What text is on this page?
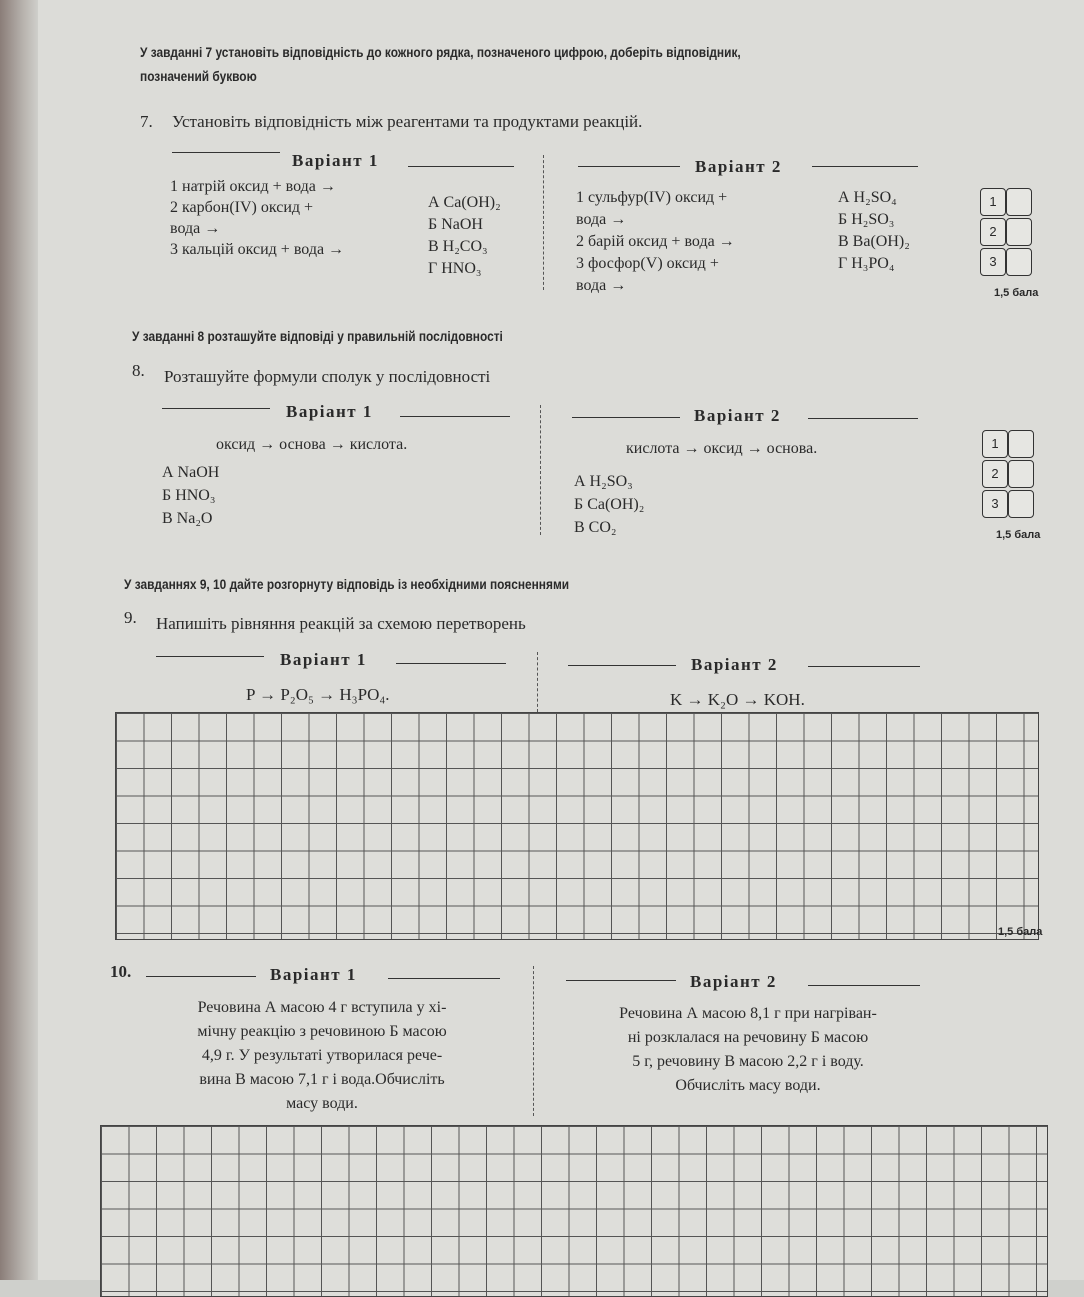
У завданні 7 установіть відповідність до кожного рядка, позначеного цифрою, доберіть відповідник,
позначений буквою
7. Установіть відповідність між реагентами та продуктами реакцій.
Варіант 1	Варіант 2
1 натрій оксид + вода →
2 карбон(IV) оксид +
вода →
3 кальцій оксид + вода →
А Ca(OH)₂
Б NaOH
В H₂CO₃
Г HNO₃
1 сульфур(IV) оксид +
вода →
2 барій оксид + вода →
3 фосфор(V) оксид +
вода →
А H₂SO₄
Б H₂SO₃
В Ba(OH)₂
Г H₃PO₄
1
2
3
1,5 бала
У завданні 8 розташуйте відповіді у правильній послідовності
8. Розташуйте формули сполук у послідовності
Варіант 1	Варіант 2
оксид → основа → кислота.	кислота → оксид → основа.
А NaOH
Б HNO₃
В Na₂O
А H₂SO₃
Б Ca(OH)₂
В CO₂
1
2
3
1,5 бала
У завданнях 9, 10 дайте розгорнуту відповідь із необхідними поясненнями
9. Напишіть рівняння реакцій за схемою перетворень
Варіант 1	Варіант 2
P → P₂O₅ → H₃PO₄.	K → K₂O → KOH.
1,5 бала
10.	Варіант 1	Варіант 2
Речовина А масою 4 г вступила у хі-
мічну реакцію з речовиною Б масою
4,9 г. У результаті утворилася рече-
вина В масою 7,1 г і вода.Обчисліть
масу води.
Речовина А масою 8,1 г при нагріван-
ні розклалася на речовину Б масою
5 г, речовину В масою 2,2 г і воду.
Обчисліть масу води.
